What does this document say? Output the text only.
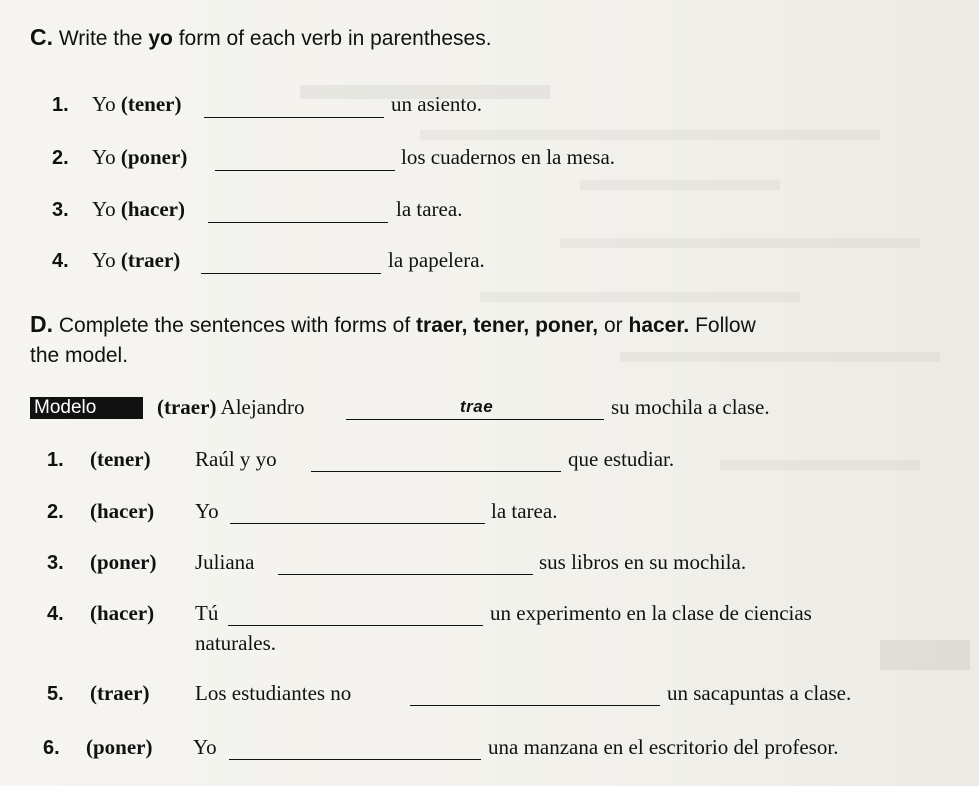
C. Write the yo form of each verb in parentheses.
1. Yo (tener)	un asiento.
2. Yo (poner)	los cuadernos en la mesa.
3. Yo (hacer)	la tarea.
4. Yo (traer)	la papelera.
D. Complete the sentences with forms of traer, tener, poner, or hacer. Follow
the model.
Modelo	(traer) Alejandro	trae	su mochila a clase.
1. (tener) Raúl y yo	que estudiar.
2. (hacer) Yo	la tarea.
3. (poner) Juliana	sus libros en su mochila.
4. (hacer) Tú	un experimento en la clase de ciencias
naturales.
5. (traer) Los estudiantes no	un sacapuntas a clase.
6. (poner) Yo	una manzana en el escritorio del profesor.
